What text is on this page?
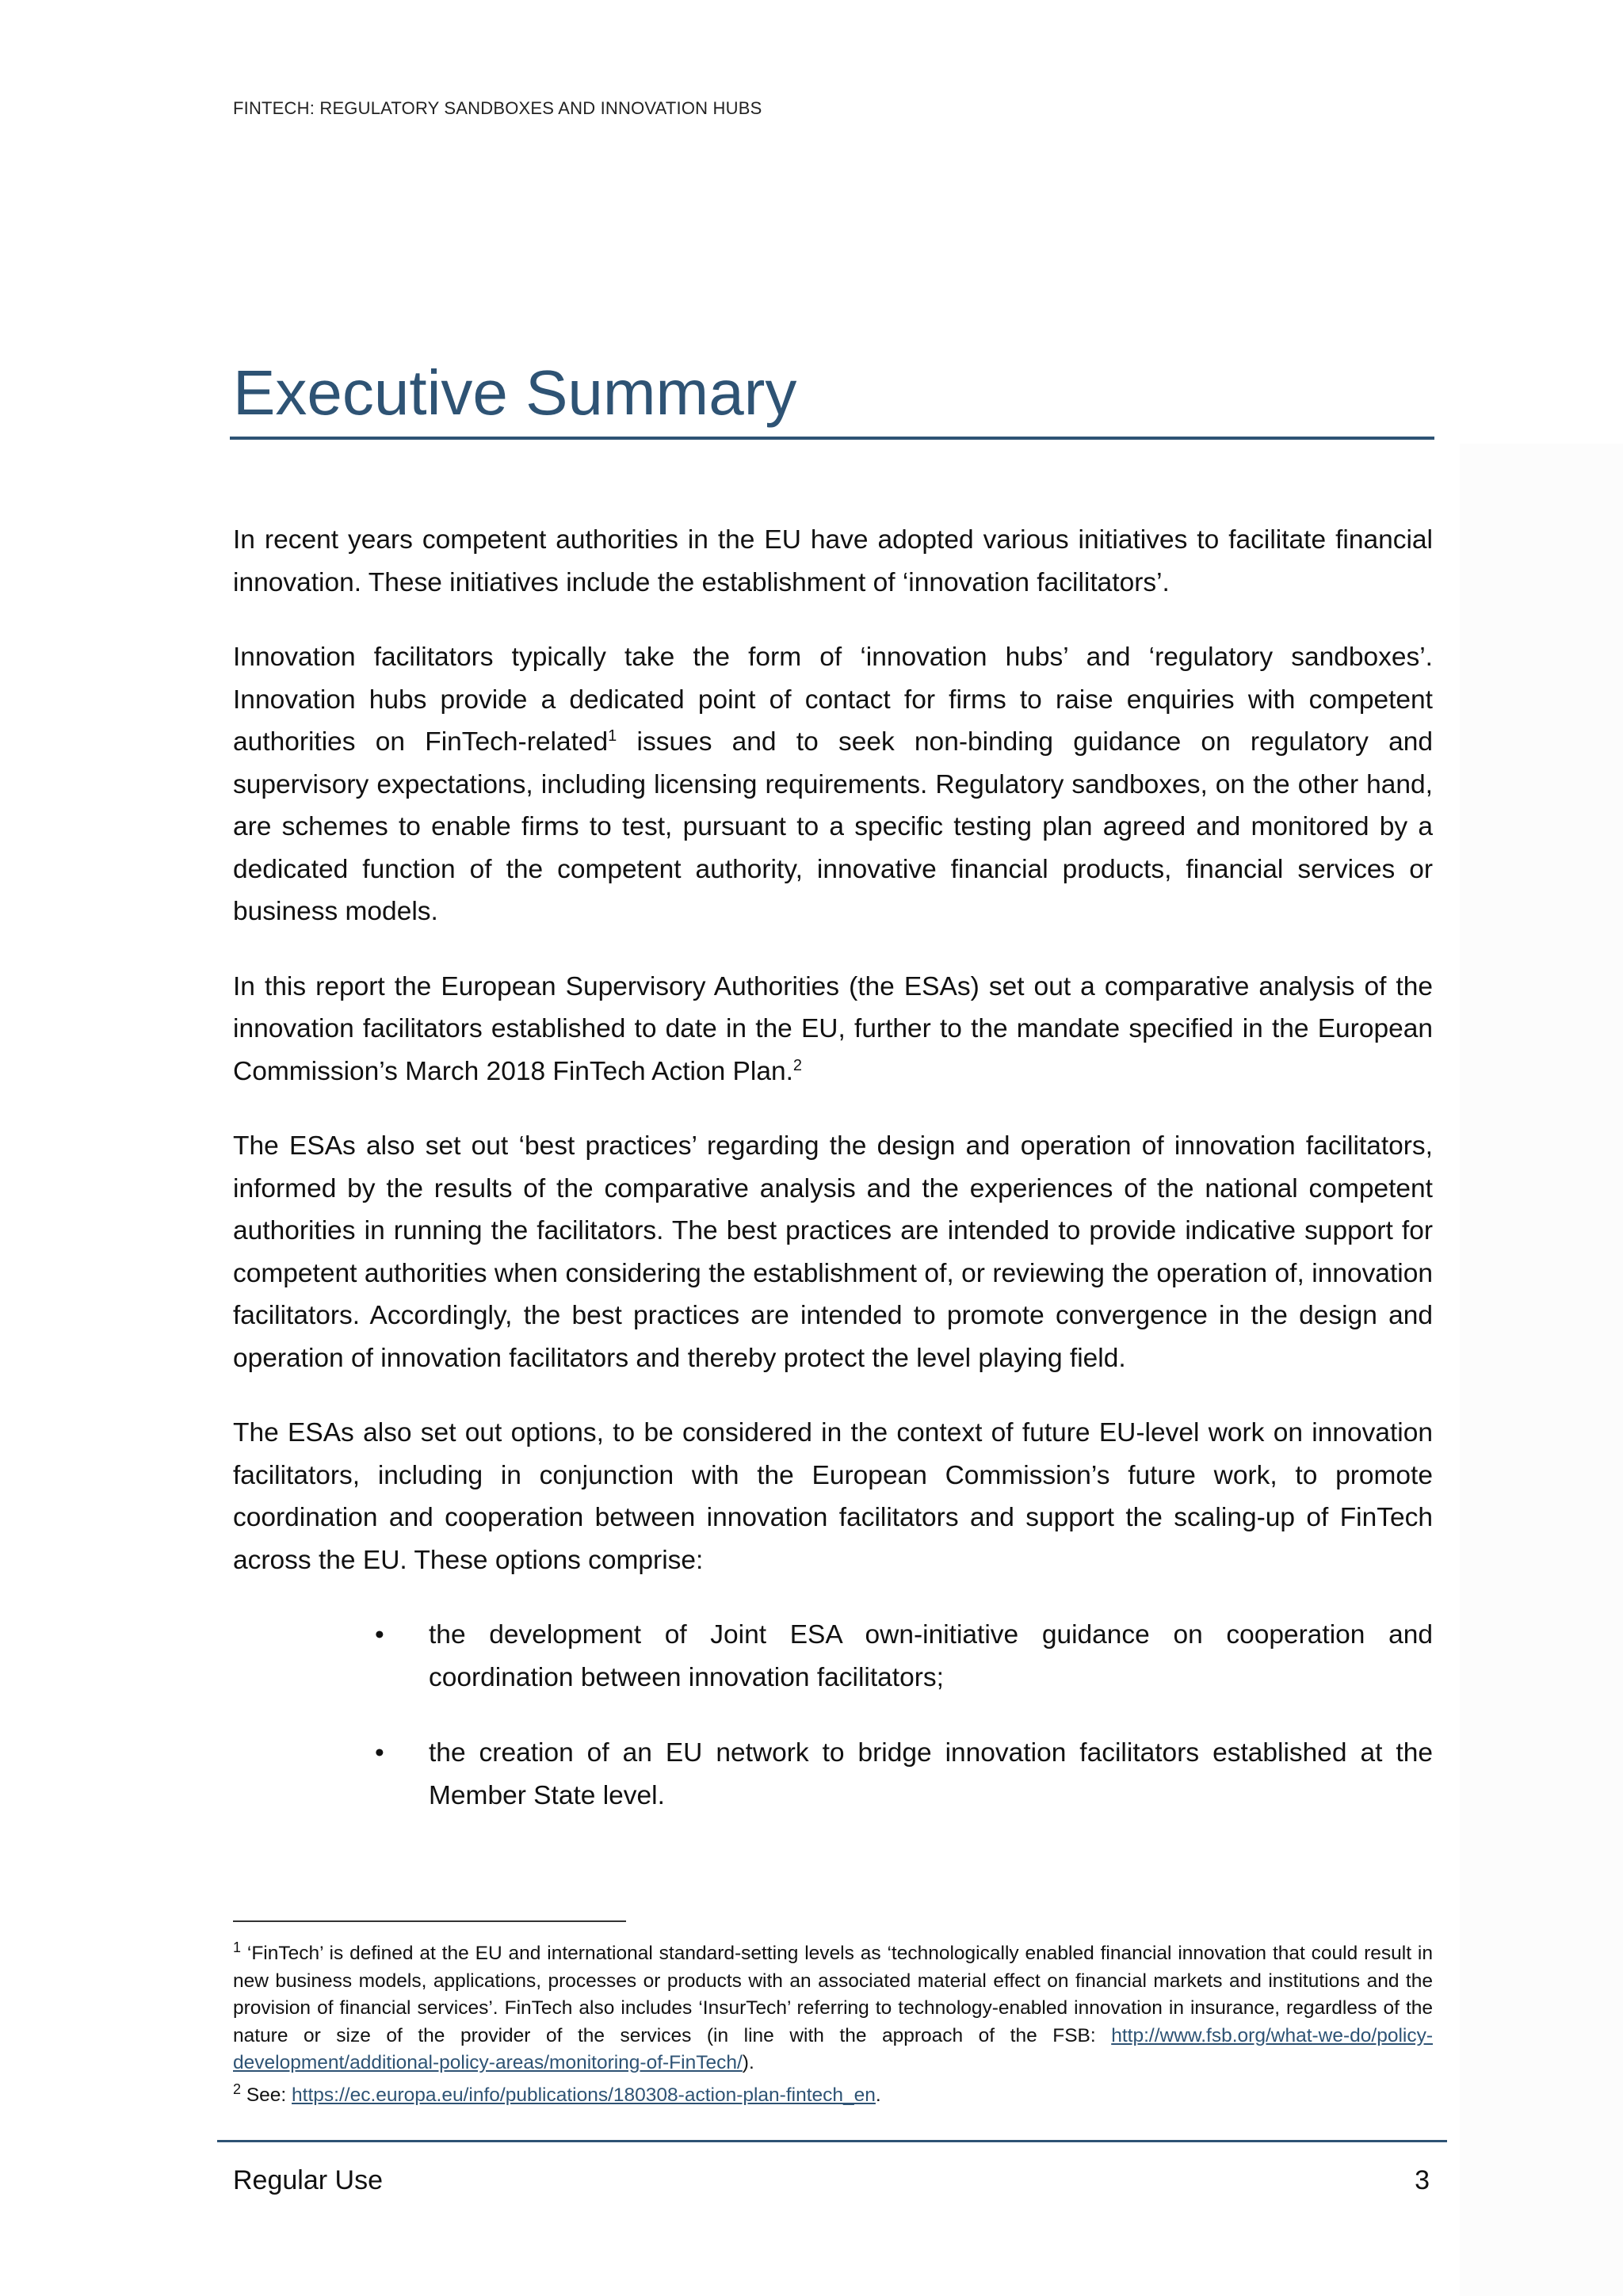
FINTECH: REGULATORY SANDBOXES AND INNOVATION HUBS
Executive Summary

In recent years competent authorities in the EU have adopted various initiatives to facilitate financial innovation. These initiatives include the establishment of ‘innovation facilitators’.

Innovation facilitators typically take the form of ‘innovation hubs’ and ‘regulatory sandboxes’. Innovation hubs provide a dedicated point of contact for firms to raise enquiries with competent authorities on FinTech-related$^1$ issues and to seek non-binding guidance on regulatory and supervisory expectations, including licensing requirements. Regulatory sandboxes, on the other hand, are schemes to enable firms to test, pursuant to a specific testing plan agreed and monitored by a dedicated function of the competent authority, innovative financial products, financial services or business models.

In this report the European Supervisory Authorities (the ESAs) set out a comparative analysis of the innovation facilitators established to date in the EU, further to the mandate specified in the European Commission’s March 2018 FinTech Action Plan.$^2$

The ESAs also set out ‘best practices’ regarding the design and operation of innovation facilitators, informed by the results of the comparative analysis and the experiences of the national competent authorities in running the facilitators. The best practices are intended to provide indicative support for competent authorities when considering the establishment of, or reviewing the operation of, innovation facilitators. Accordingly, the best practices are intended to promote convergence in the design and operation of innovation facilitators and thereby protect the level playing field.

The ESAs also set out options, to be considered in the context of future EU-level work on innovation facilitators, including in conjunction with the European Commission’s future work, to promote coordination and cooperation between innovation facilitators and support the scaling-up of FinTech across the EU. These options comprise:

• the development of Joint ESA own-initiative guidance on cooperation and coordination between innovation facilitators;
• the creation of an EU network to bridge innovation facilitators established at the Member State level.

$^1$ ‘FinTech’ is defined at the EU and international standard-setting levels as ‘technologically enabled financial innovation that could result in new business models, applications, processes or products with an associated material effect on financial markets and institutions and the provision of financial services’. FinTech also includes ‘InsurTech’ referring to technology-enabled innovation in insurance, regardless of the nature or size of the provider of the services (in line with the approach of the FSB: http://www.fsb.org/what-we-do/policy-development/additional-policy-areas/monitoring-of-FinTech/).

$^2$ See: https://ec.europa.eu/info/publications/180308-action-plan-fintech_en.

Regular Use	3
